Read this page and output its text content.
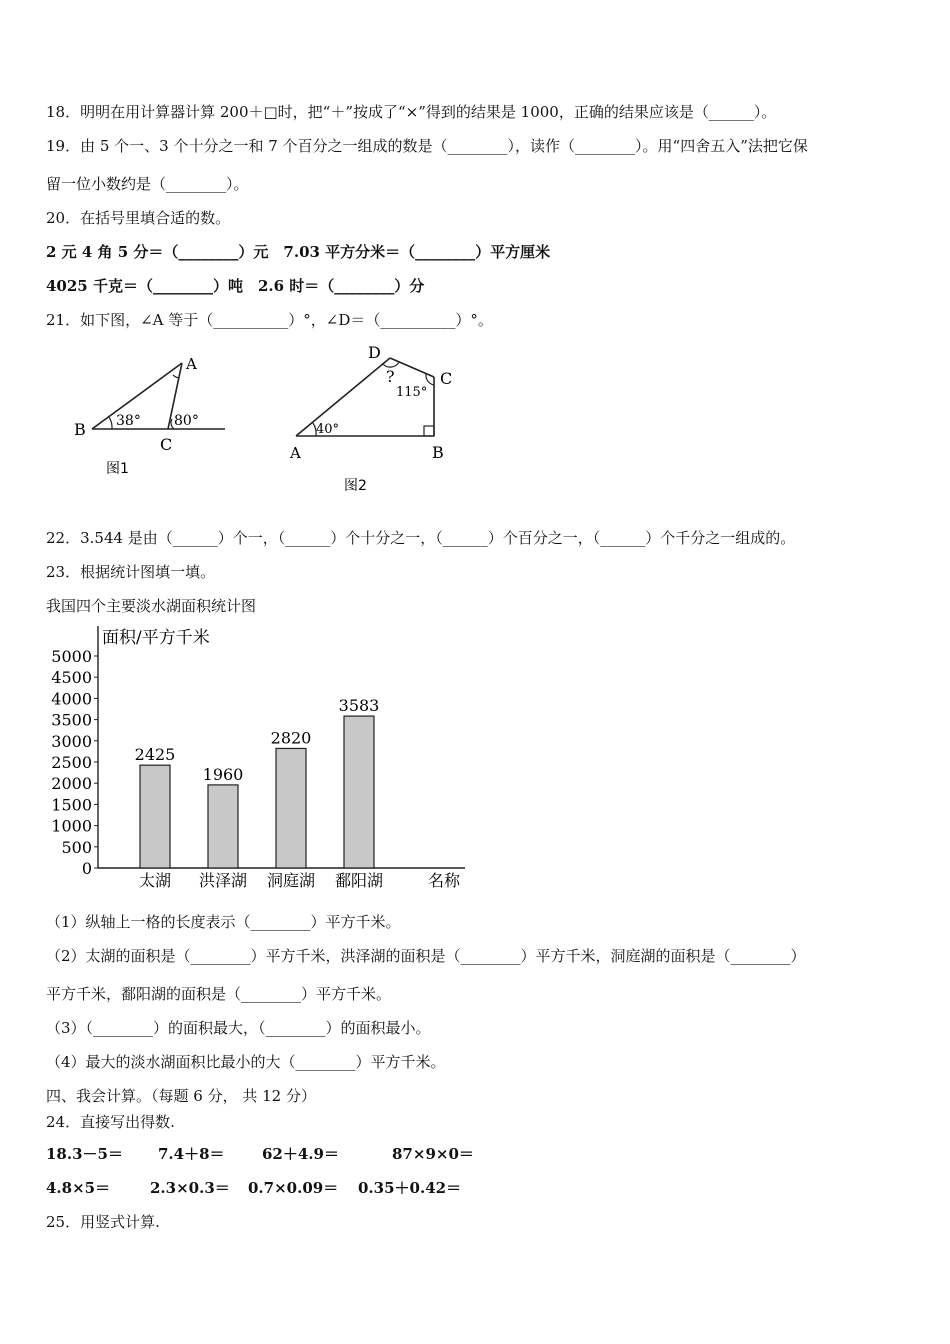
18．明明在用计算器计算 200＋□时，把“＋”按成了“×”得到的结果是 1000，正确的结果应该是（______）。
19．由 5 个一、3 个十分之一和 7 个百分之一组成的数是（________），读作（________）。用“四舍五入”法把它保
留一位小数约是（________）。
20．在括号里填合适的数。
2 元 4 角 5 分＝（________）元　7.03 平方分米＝（________）平方厘米
4025 千克＝（________）吨　2.6 时＝（________）分
21．如下图，∠A 等于（__________）°，∠D＝（__________）°。
A
B
C
38° 80°
图1
D
C
A	B
40°
115°
?
图2
22．3.544 是由（______）个一，（______）个十分之一，（______）个百分之一，（______）个千分之一组成的。
23．根据统计图填一填。
我国四个主要淡水湖面积统计图
面积/平方千米
名称
0
500
1000
1500
2000
2500
3000
3500
4000
4500
5000
2425
太湖
1960
洪泽湖
2820
洞庭湖
3583
鄱阳湖
（1）纵轴上一格的长度表示（________）平方千米。
（2）太湖的面积是（________）平方千米，洪泽湖的面积是（________）平方千米，洞庭湖的面积是（________）
平方千米，鄱阳湖的面积是（________）平方千米。
（3）（________）的面积最大，（________）的面积最小。
（4）最大的淡水湖面积比最小的大（________）平方千米。
四、我会计算。（每题 6 分， 共 12 分）
24．直接写出得数.
18.3－5＝ 7.4＋8＝ 62＋4.9＝	87×9×0＝
4.8×5＝	2.3×0.3＝ 0.7×0.09＝ 0.35＋0.42＝
25．用竖式计算.
